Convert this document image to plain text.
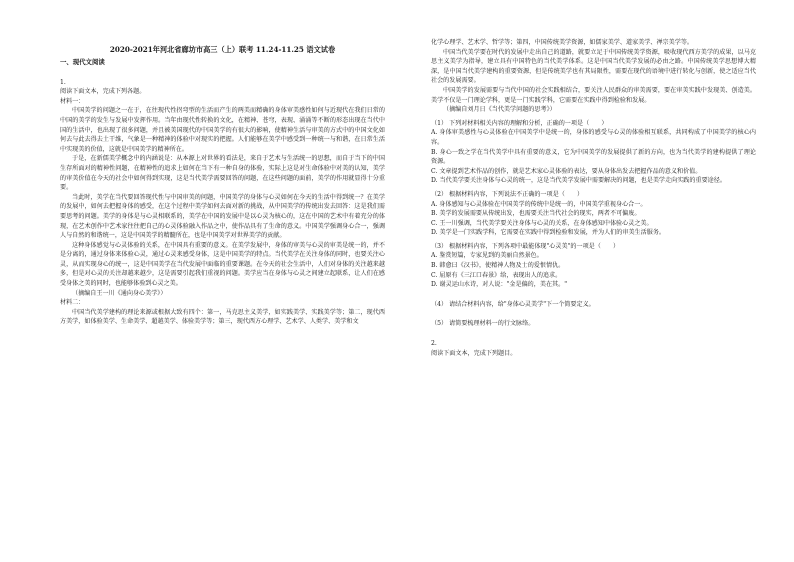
2020-2021年河北省廊坊市高三（上）联考 11.24-11.25 语文试卷
一、现代文阅读
1.

阅读下面文本，完成下列各题。

材料一：

中国美学的问题之一在于，在往现代性拐弯型的生活而产生的两美而精确的身体审美感性如何与近现代在我们日常的中国的美学的发生与发展中发挥作用。当年由现代性转换的文化，在精神、苍穹，表现、涌涌等不断的形态出现在当代中国的生活中，也出现了很多问题，并且被美国现代的中国美学的有很大的影响，使精神生活与审美的方式中的中国文化如何去与此去得去土干维，气象是一种精神的体验中对现实的把握。人们能够在美学中感受到一种统一与和谐，在日常生活中实现美的价值，这就是中国美学的精神所在。

于是，在新儒美学概念中的内涵说是：从本源上对世界的看法是，来自于艺术与生活统一的思想，而自于当下的中国生存所面对的精神性问题，在精神性的追求上如何在当下有一种自身的体验，实际上这是对生命体验中对美的认知，美学的审美价值在今天的社会中如何得到实现，这是当代美学需要回答的问题，在这些问题的面前，美学的作用就显得十分重要。

当此时，美学在当代要回答现代性与中国审美的问题，中国美学的身体与心灵如何在今天的生活中得到统一？在美学的发展中，如何去把握身体的感受，在这个过程中美学如何去面对新的挑战，从中国美学的传统出发去回答：这是我们需要思考的问题。美学的身体是与心灵相联系的，美学在中国的发展中是以心灵为核心的，这在中国的艺术中有着充分的体现，在艺术创作中艺术家往往把自己的心灵体验融入作品之中，使作品具有了生命的意义。中国美学强调身心合一，强调人与自然的和谐统一，这是中国美学的精髓所在，也是中国美学对世界美学的贡献。

这种身体感觉与心灵体验的关系，在中国具有重要的意义。在美学发展中，身体的审美与心灵的审美是统一的，并不是分离的，通过身体来体验心灵，通过心灵来感受身体，这是中国美学的特点。当代美学在关注身体的同时，也要关注心灵，从而实现身心的统一，这是中国美学在当代发展中面临的重要课题。在今天的社会生活中，人们对身体的关注越来越多，但是对心灵的关注却越来越少，这是需要引起我们重视的问题。美学应当在身体与心灵之间建立起联系，让人们在感受身体之美的同时，也能够体验到心灵之美。

（摘编自王一川《通向身心美学》）

材料二：

中国当代美学建构的理论来源或根据大致有四个：第一，马克思主义美学，如实践美学、实践美学等；第二，现代西方美学，如体验美学、生命美学、超越美学、体验美学等；第三，现代西方心理学、艺术学、人类学、美学和文

化学心理学、艺术学、哲学等；第四，中国传统美学资源，如儒家美学、道家美学、禅宗美学等。

中国当代美学要在时代的发展中走出自己的道路，就要立足于中国传统美学资源，吸收现代西方美学的成果，以马克思主义美学为指导，建立具有中国特色的当代美学体系。这是中国当代美学发展的必由之路。中国传统美学思想博大精深，是中国当代美学建构的重要资源，但是传统美学也有其局限性，需要在现代的语境中进行转化与创新，使之适应当代社会的发展需要。

中国美学的发展需要与当代中国的社会实践相结合，要关注人民群众的审美需要，要在审美实践中发现美、创造美。美学不仅是一门理论学科，更是一门实践学科，它需要在实践中得到检验和发展。

（摘编自刘月日《当代美学问题的思考》）

（1） 下列对材料相关内容的理解和分析，正确的一项是（　　）

A. 身体审美感性与心灵体验在中国美学中是统一的，身体的感受与心灵的体验相互联系，共同构成了中国美学的核心内容。

B. 身心一致之学在当代美学中具有重要的意义，它为中国美学的发展提供了新的方向，也为当代美学的建构提供了理论资源。

C. 文章提到艺术作品的创作，就是艺术家心灵体验的表达，要从身体出发去把握作品的意义和价值。

D. 当代美学要关注身体与心灵的统一，这是当代美学发展中需要解决的问题，也是美学走向实践的重要途径。

（2） 根据材料内容，下列说法不正确的一项是（　　）

A. 身体感知与心灵体验在中国美学的传统中是统一的，中国美学重视身心合一。

B. 美学的发展需要从传统出发，也需要关注当代社会的现实，两者不可偏废。

C. 王一川强调，当代美学要关注身体与心灵的关系，在身体感知中体验心灵之美。

D. 美学是一门实践学科，它需要在实践中得到检验和发展，并为人们的审美生活服务。

（3） 根据材料内容，下列各项中最能体现"心灵美"的一项是（　　）

A. 鉴赏短篇，专家见到的美丽自然景色。

B. 韩愈曰《汉书》，使精神人物及士的爱恨情仇。

C. 屈原有《三江口春景》给，表现出人的追求。

D. 谢灵运山水诗，对人说："金是偏的，美在其。"

（4） 请结合材料内容，给"身体心灵美学"下一个简要定义。

（5） 请简要梳理材料一的行文脉络。

2.

阅读下面文本，完成下列题目。
